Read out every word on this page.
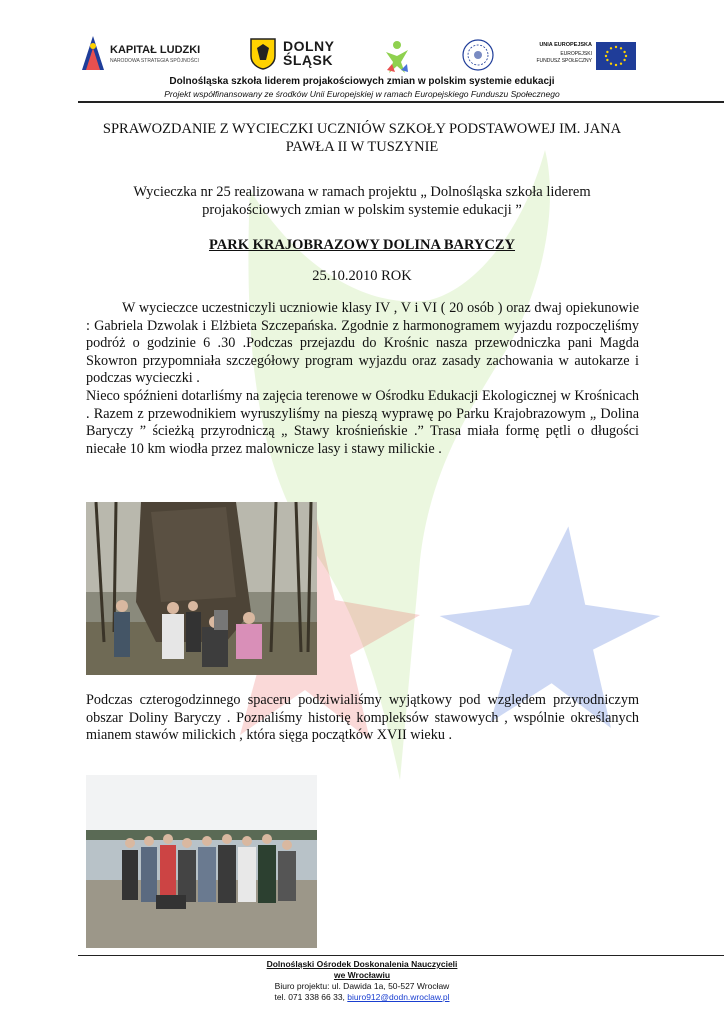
KAPITAŁ LUDZKI
NARODOWA STRATEGIA SPÓJNOŚCI
DOLNY
ŚLĄSK
UNIA EUROPEJSKA
EUROPEJSKI
FUNDUSZ SPOŁECZNY
Dolnośląska szkoła liderem projakościowych zmian w polskim systemie edukacji
Projekt współfinansowany ze środków Unii Europejskiej w ramach Europejskiego Funduszu Społecznego
SPRAWOZDANIE Z WYCIECZKI UCZNIÓW SZKOŁY PODSTAWOWEJ IM. JANA
PAWŁA II W TUSZYNIE
Wycieczka nr 25 realizowana w ramach projektu „ Dolnośląska szkoła liderem
projakościowych zmian w polskim systemie edukacji ”
PARK KRAJOBRAZOWY DOLINA BARYCZY
25.10.2010 ROK

W wycieczce uczestniczyli uczniowie klasy IV , V i VI ( 20 osób ) oraz dwaj opiekunowie : Gabriela Dzwolak i Elżbieta Szczepańska. Zgodnie z harmonogramem wyjazdu rozpoczęliśmy podróż o godzinie 6 .30 .Podczas przejazdu do Krośnic nasza przewodniczka pani Magda Skowron przypomniała szczegółowy program wyjazdu oraz zasady zachowania w autokarze i podczas wycieczki .

Nieco spóźnieni dotarliśmy na zajęcia terenowe w Ośrodku Edukacji Ekologicznej w Krośnicach . Razem z przewodnikiem wyruszyliśmy na pieszą wyprawę po Parku Krajobrazowym „ Dolina Baryczy ” ścieżką przyrodniczą „ Stawy krośnieńskie .” Trasa miała formę pętli o długości niecałe 10 km wiodła przez malownicze lasy i stawy milickie .

Podczas czterogodzinnego spaceru podziwialiśmy wyjątkowy pod względem przyrodniczym obszar Doliny Baryczy . Poznaliśmy historię kompleksów stawowych , wspólnie określanych mianem stawów milickich , która sięga początków XVII wieku .

Dolnośląski Ośrodek Doskonalenia Nauczycieli
we Wrocławiu
Biuro projektu: ul. Dawida 1a, 50-527 Wrocław
tel. 071 338 66 33, biuro912@dodn.wroclaw.pl
